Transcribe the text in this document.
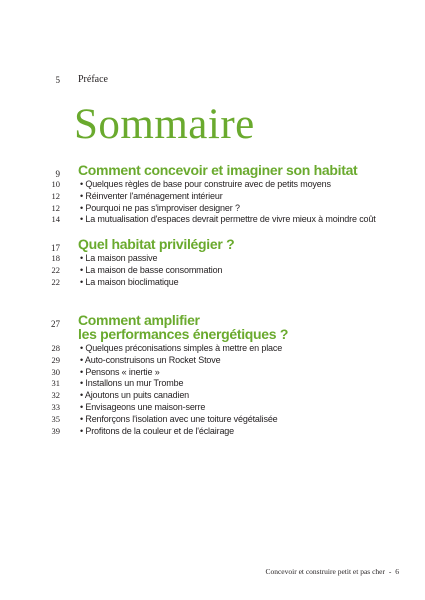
5 Préface
Sommaire
9 Comment concevoir et imaginer son habitat
10 • Quelques règles de base pour construire avec de petits moyens
12 • Réinventer l'aménagement intérieur
12 • Pourquoi ne pas s'improviser designer ?
14 • La mutualisation d'espaces devrait permettre de vivre mieux à moindre coût
17 Quel habitat privilégier ?
18 • La maison passive
22 • La maison de basse consommation
22 • La maison bioclimatique
27 Comment amplifier
les performances énergétiques ?
28 • Quelques préconisations simples à mettre en place
29 • Auto-construisons un Rocket Stove
30 • Pensons « inertie »
31 • Installons un mur Trombe
32 • Ajoutons un puits canadien
33 • Envisageons une maison-serre
35 • Renforçons l'isolation avec une toiture végétalisée
39 • Profitons de la couleur et de l'éclairage
Concevoir et construire petit et pas cher - 6
